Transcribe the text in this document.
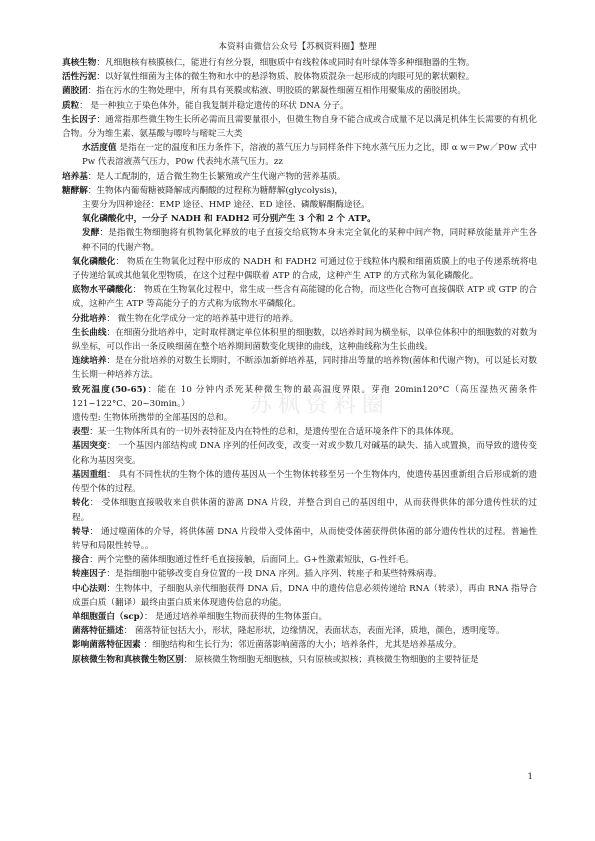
本资料由微信公众号【苏枫资料圈】整理
苏枫资料圈

真核生物：凡细胞核有核膜核仁，能进行有丝分裂，细胞质中有线粒体或同时有叶绿体等多种细胞器的生物。

活性污泥：以好氧性细菌为主体的微生物和水中的悬浮物质、胶体物质混杂一起形成的肉眼可见的絮状颗粒。

菌胶团：指在污水的生物处理中，所有具有荚膜或粘液、明胶质的絮凝性细菌互相作用聚集成的菌胶团块。

质粒： 是一种独立于染色体外，能自我复制并稳定遗传的环状 DNA 分子。

生长因子：通常指那些微生物生长所必需而且需要量很小，但微生物自身不能合成或合成量不足以满足机体生长需要的有机化合物。分为维生素、氨基酸与嘌呤与嘧啶三大类

水活度值 是指在一定的温度和压力条件下，溶液的蒸气压力与同样条件下纯水蒸气压力之比，即 α w＝Pw／P0w 式中 Pw 代表溶液蒸气压力，P0w 代表纯水蒸气压力。zz

培养基：是人工配制的，适合微生物生长繁殖或产生代谢产物的营养基质。

糖酵解：生物体内葡萄糖被降解成丙酮酸的过程称为糖酵解(glycolysis)，

主要分为四种途径：EMP 途径、HMP 途径、ED 途径、磷酸解酮酶途径。

氧化磷酸化中，一分子 NADH 和 FADH2 可分别产生 3 个和 2 个 ATP。

发酵：是指微生物细胞将有机物氧化释放的电子直接交给底物本身未完全氧化的某种中间产物，同时释放能量并产生各种不同的代谢产物。

氧化磷酸化： 物质在生物氧化过程中形成的 NADH 和 FADH2 可通过位于线粒体内膜和细菌质膜上的电子传递系统将电子传递给氧或其他氧化型物质，在这个过程中偶联着 ATP 的合成，这种产生 ATP 的方式称为氧化磷酸化。

底物水平磷酸化： 物质在生物氧化过程中，常生成一些含有高能键的化合物，而这些化合物可直接偶联 ATP 或 GTP 的合成，这种产生 ATP 等高能分子的方式称为底物水平磷酸化。

分批培养： 微生物在化学成分一定的培养基中进行的培养。

生长曲线：在细菌分批培养中，定时取样测定单位体积里的细胞数，以培养时间为横坐标，以单位体积中的细胞数的对数为纵坐标，可以作出一条反映细菌在整个培养期间菌数变化规律的曲线，这种曲线称为生长曲线。

连续培养：是在分批培养的对数生长期时，不断添加新鲜培养基，同时排出等量的培养物(菌体和代谢产物)，可以延长对数生长期一种培养方法。

致死温度(50-65)：能在 10 分钟内杀死某种微生物的最高温度界限。芽孢 20min120°C（高压湿热灭菌条件 121~122°C、20~30min。）

遗传型: 生物体所携带的全部基因的总和。

表型：某一生物体所具有的一切外表特征及内在特性的总和，是遗传型在合适环境条件下的具体体现。

基因突变： 一个基因内部结构或 DNA 序列的任何改变，改变一对或少数几对碱基的缺失、插入或置换，而导致的遗传变化称为基因突变。

基因重组： 具有不同性状的生物个体的遗传基因从一个生物体转移至另一个生物体内，使遗传基因重新组合后形成新的遗传型个体的过程。

转化： 受体细胞直接吸收来自供体菌的游离 DNA 片段，并整合到自己的基因组中，从而获得供体的部分遗传性状的过程。

转导： 通过噬菌体的介导，将供体菌 DNA 片段带入受体菌中，从而使受体菌获得供体菌的部分遗传性状的过程。普遍性转导和局限性转导。。

接合：两个完整的菌体细胞通过性纤毛直接接触，后面同上。G+性激素短肽，G-性纤毛。

转座因子：是指细胞中能够改变自身位置的一段 DNA 序列。插入序列、转座子和某些特殊病毒。

中心法则：生物体中，子细胞从亲代细胞获得 DNA 后，DNA 中的遗传信息必须传递给 RNA（转录），再由 RNA 指导合成蛋白质（翻译）最终由蛋白质来体现遗传信息的功能。

单细胞蛋白（scp）： 是通过培养单细胞生物而获得的生物体蛋白。

菌落特征描述： 菌落特征包括大小，形状，隆起形状，边缘情况，表面状态，表面光泽，质地，颜色，透明度等。

影响菌落特征因素 ：细胞结构和生长行为；邻近菌落影响菌落的大小；培养条件，尤其是培养基成分。

原核微生物和真核微生物区别： 原核微生物细胞无细胞核，只有原核或拟核；真核微生物细胞的主要特征是

1
